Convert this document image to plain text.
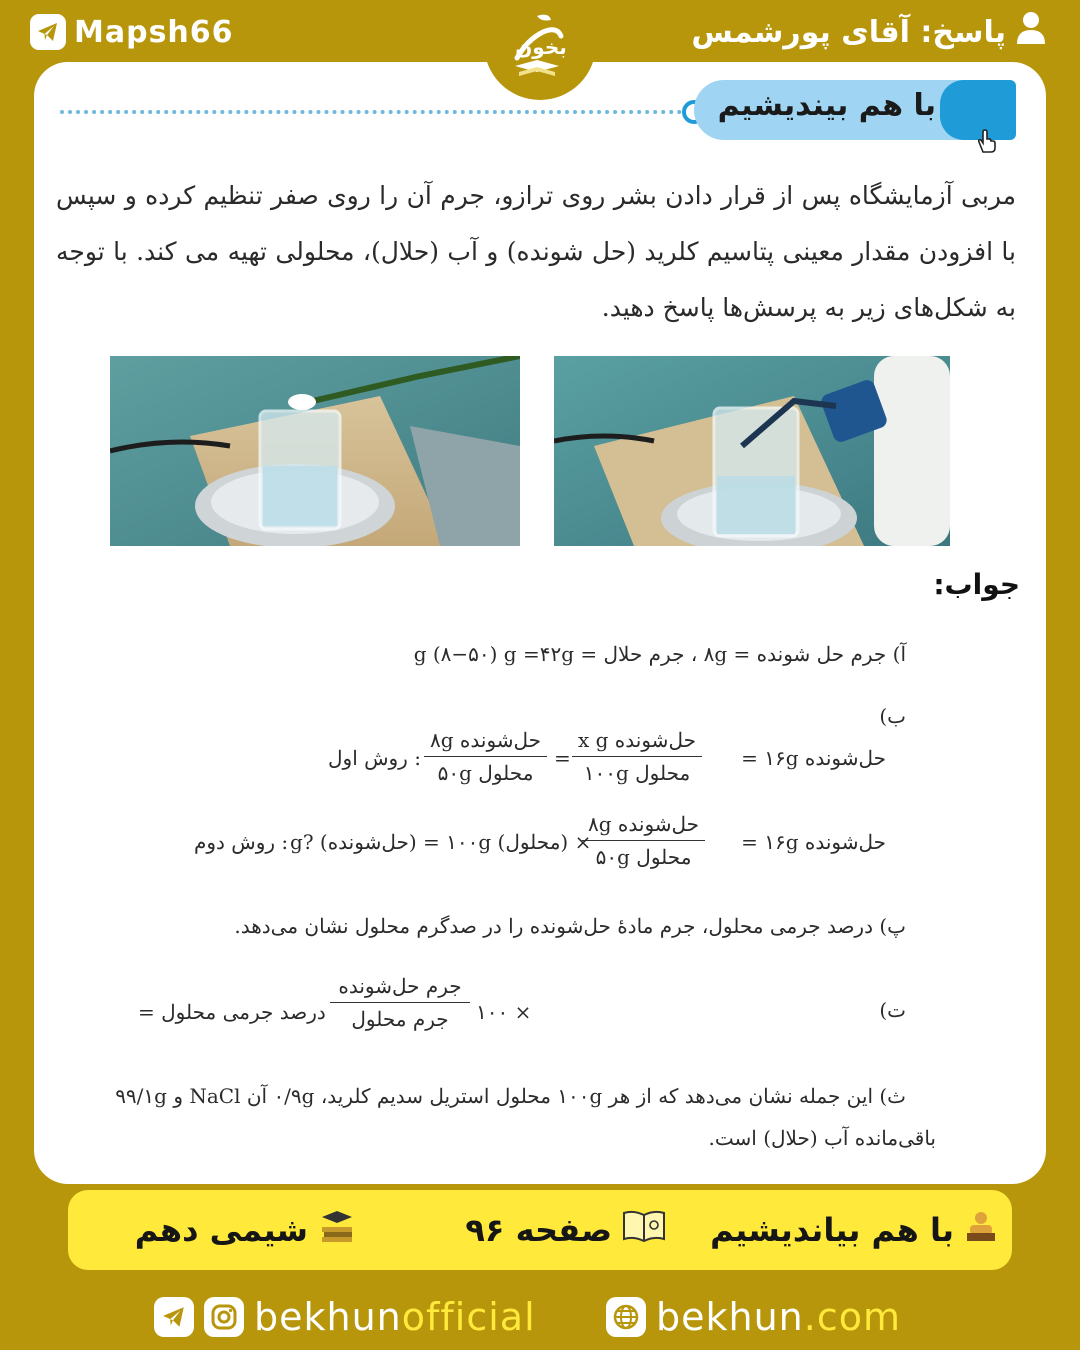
Mapsh66	پاسخ: آقای پورشمس
بخون
با هم بیندیشیم

مربی آزمایشگاه پس از قرار دادن بشر روی ترازو، جرم آن را روی صفر تنظیم کرده و سپس با افزودن مقدار معینی پتاسیم کلرید (حل شونده) و آب (حلال)، محلولی تهیه می کند. با توجه به شکل‌های زیر به پرسش‌ها پاسخ دهید.

جواب:
آ) جرم حل شونده = ۸g ، جرم حلال = g (۸−۵۰) g =۴۲g
ب)
حل‌شونده ۱۶g =
حل‌شونده x g
محلول ۱۰۰g
=
حل‌شونده ۸g
محلول ۵۰g
: روش اول
حل‌شونده ۱۶g =
حل‌شونده ۸g
محلول ۵۰g
× (محلول) ۱۰۰g = (حل‌شونده) ?g
: روش دوم
پ) درصد جرمی محلول، جرم مادهٔ حل‌شونده را در صدگرم محلول نشان می‌دهد.
ت)
درصد جرمی محلول =
جرم حل‌شونده
جرم محلول	× ۱۰۰
ث) این جمله نشان می‌دهد که از هر ۱۰۰g محلول استریل سدیم کلرید، ۰/۹g آن NaCl و ۹۹/۱g
باقی‌مانده آب (حلال) است.
با هم بیاندیشیم
صفحه ۹۶
شیمی دهم
bekhunofficial	bekhun.com
